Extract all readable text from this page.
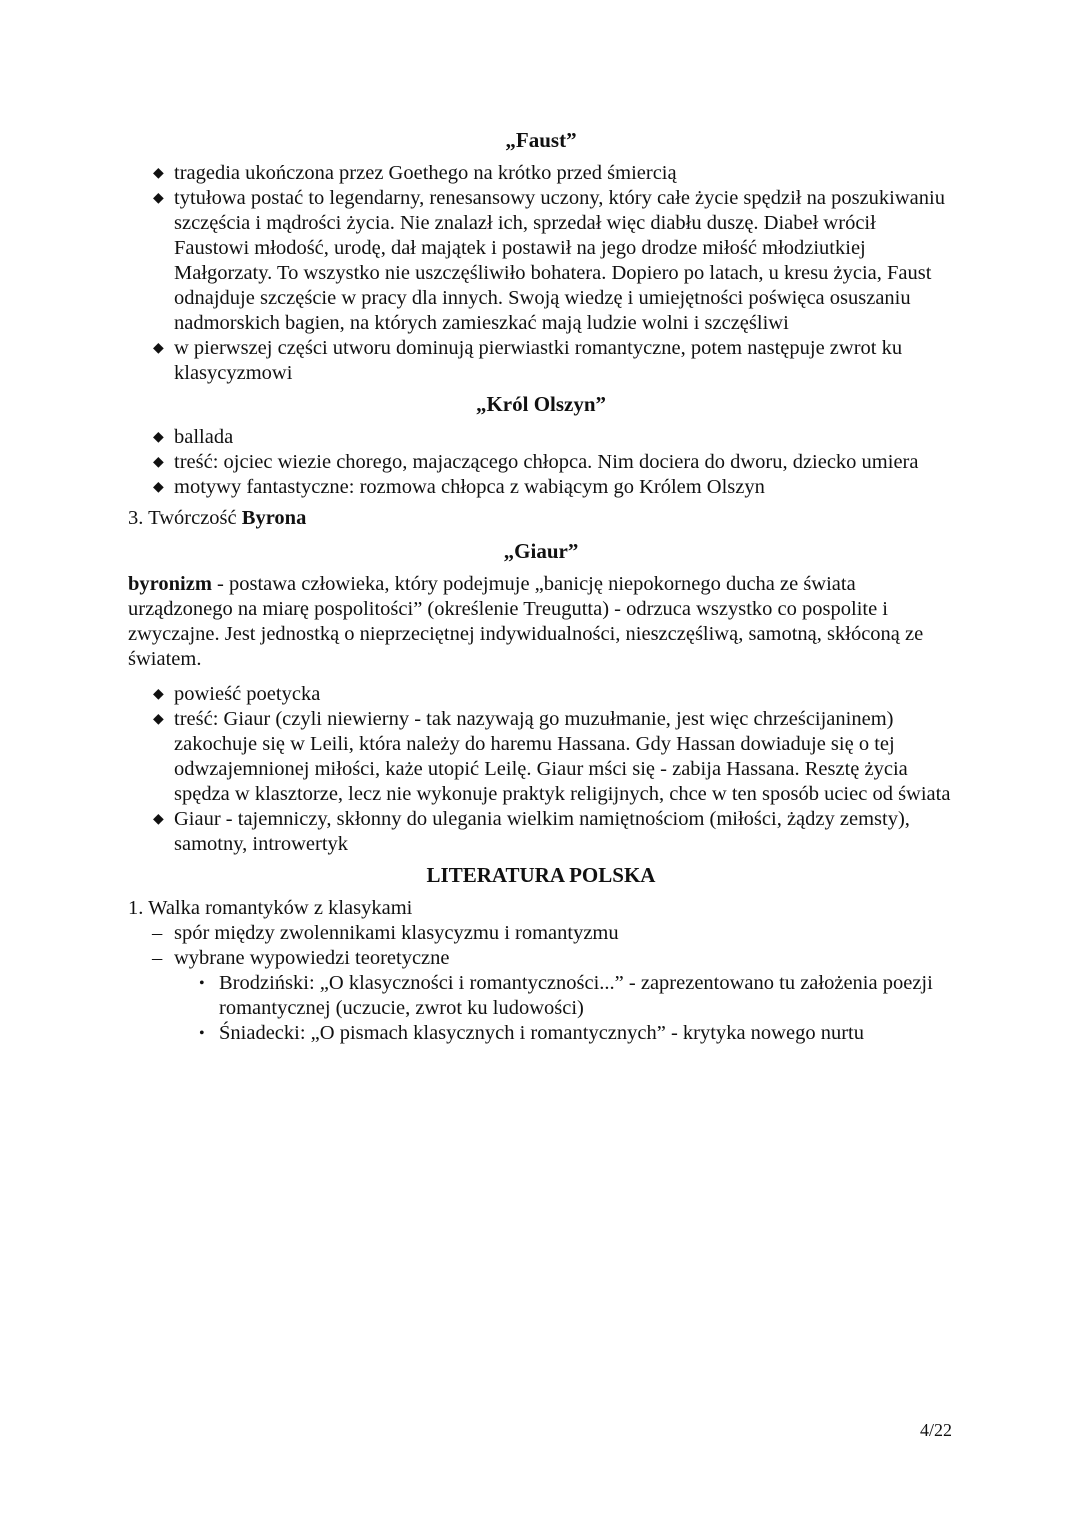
„Faust”
◆ tragedia ukończona przez Goethego na krótko przed śmiercią
◆ tytułowa postać to legendarny, renesansowy uczony, który całe życie spędził na poszukiwaniu szczęścia i mądrości życia. Nie znalazł ich, sprzedał więc diabłu duszę. Diabeł wrócił Faustowi młodość, urodę, dał majątek i postawił na jego drodze miłość młodziutkiej Małgorzaty. To wszystko nie uszczęśliwiło bohatera. Dopiero po latach, u kresu życia, Faust odnajduje szczęście w pracy dla innych. Swoją wiedzę i umiejętności poświęca osuszaniu nadmorskich bagien, na których zamieszkać mają ludzie wolni i szczęśliwi
◆ w pierwszej części utworu dominują pierwiastki romantyczne, potem następuje zwrot ku klasycyzmowi
„Król Olszyn”
◆ ballada
◆ treść: ojciec wiezie chorego, majaczącego chłopca. Nim dociera do dworu, dziecko umiera
◆ motywy fantastyczne: rozmowa chłopca z wabiącym go Królem Olszyn
3. Twórczość Byrona
„Giaur”
byronizm - postawa człowieka, który podejmuje „banicję niepokornego ducha ze świata urządzonego na miarę pospolitości” (określenie Treugutta) - odrzuca wszystko co pospolite i zwyczajne. Jest jednostką o nieprzeciętnej indywidualności, nieszczęśliwą, samotną, skłóconą ze światem.
◆ powieść poetycka
◆ treść: Giaur (czyli niewierny - tak nazywają go muzułmanie, jest więc chrześcijaninem) zakochuje się w Leili, która należy do haremu Hassana. Gdy Hassan dowiaduje się o tej odwzajemnionej miłości, każe utopić Leilę. Giaur mści się - zabija Hassana. Resztę życia spędza w klasztorze, lecz nie wykonuje praktyk religijnych, chce w ten sposób uciec od świata
◆ Giaur - tajemniczy, skłonny do ulegania wielkim namiętnościom (miłości, żądzy zemsty), samotny, introwertyk
LITERATURA POLSKA
1. Walka romantyków z klasykami
– spór między zwolennikami klasycyzmu i romantyzmu
– wybrane wypowiedzi teoretyczne
• Brodziński: „O klasyczności i romantyczności...” - zaprezentowano tu założenia poezji romantycznej (uczucie, zwrot ku ludowości)
• Śniadecki: „O pismach klasycznych i romantycznych” - krytyka nowego nurtu
4/22
